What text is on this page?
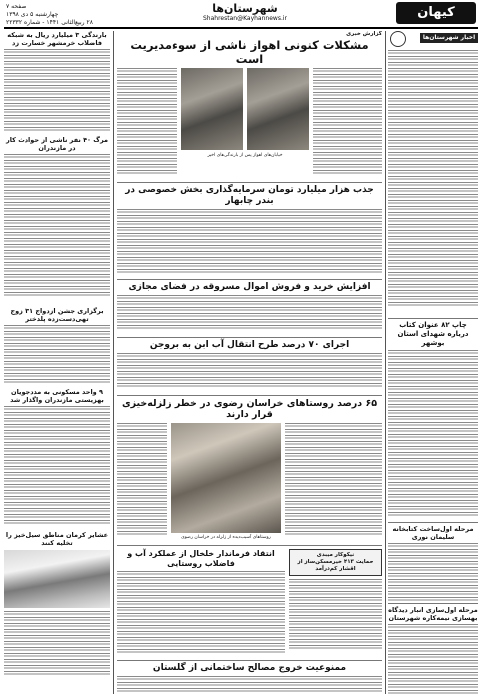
صفحه ۷
چهارشنبه ۵ دی ۱۳۹۸
۲۸ ربیع‌الثانی ۱۴۴۱ - شماره ۲۲۳۳۲
شهرستان‌ها
Shahrestan@Kayhannews.ir	کیهان
بارندگی ۳ میلیارد ریال به شبکه فاضلاب خرمشهر خسارت زد
مرگ ۴۰ نفر ناشی از حوادث کار در مازندران
برگزاری جشن ازدواج ۳۱ زوج تهی‌دست‌زده پلدختر
۹ واحد مسکونی به مددجویان بهزیستی مازندران واگذار شد
عشایر کرمان مناطق سیل‌خیز را تخلیه کنند
گزارش خبری
مشکلات کنونی اهواز ناشی از سوءمدیریت است
خیابان‌های اهواز پس از بارندگی‌های اخیر
جذب هزار میلیارد تومان سرمایه‌گذاری بخش خصوصی در بندر چابهار
افزایش خرید و فروش اموال مسروقه در فضای مجازی
اجرای ۷۰ درصد طرح انتقال آب ابن به بروجن
۶۵ درصد روستاهای خراسان رضوی در خطر زلزله‌خیزی قرار دارند
روستاهای آسیب‌دیده از زلزله در خراسان رضوی
انتقاد فرماندار خلخال از عملکرد آب و فاضلاب روستایی
نیکوکار میبدی
حمایت ۴۱۳ خیرمسکن‌ساز از اقشار کم‌درآمد
ممنوعیت خروج مصالح ساختمانی از گلستان
اخبار شهرستان‌ها
چاپ ۸۲ عنوان کتاب درباره شهدای استان بوشهر
مرحله اول‌ساخت کتابخانه سلیمان نوری
مرحله اول‌سازی انبار دیدگاه بهسازی نیمه‌کاره شهرستان
